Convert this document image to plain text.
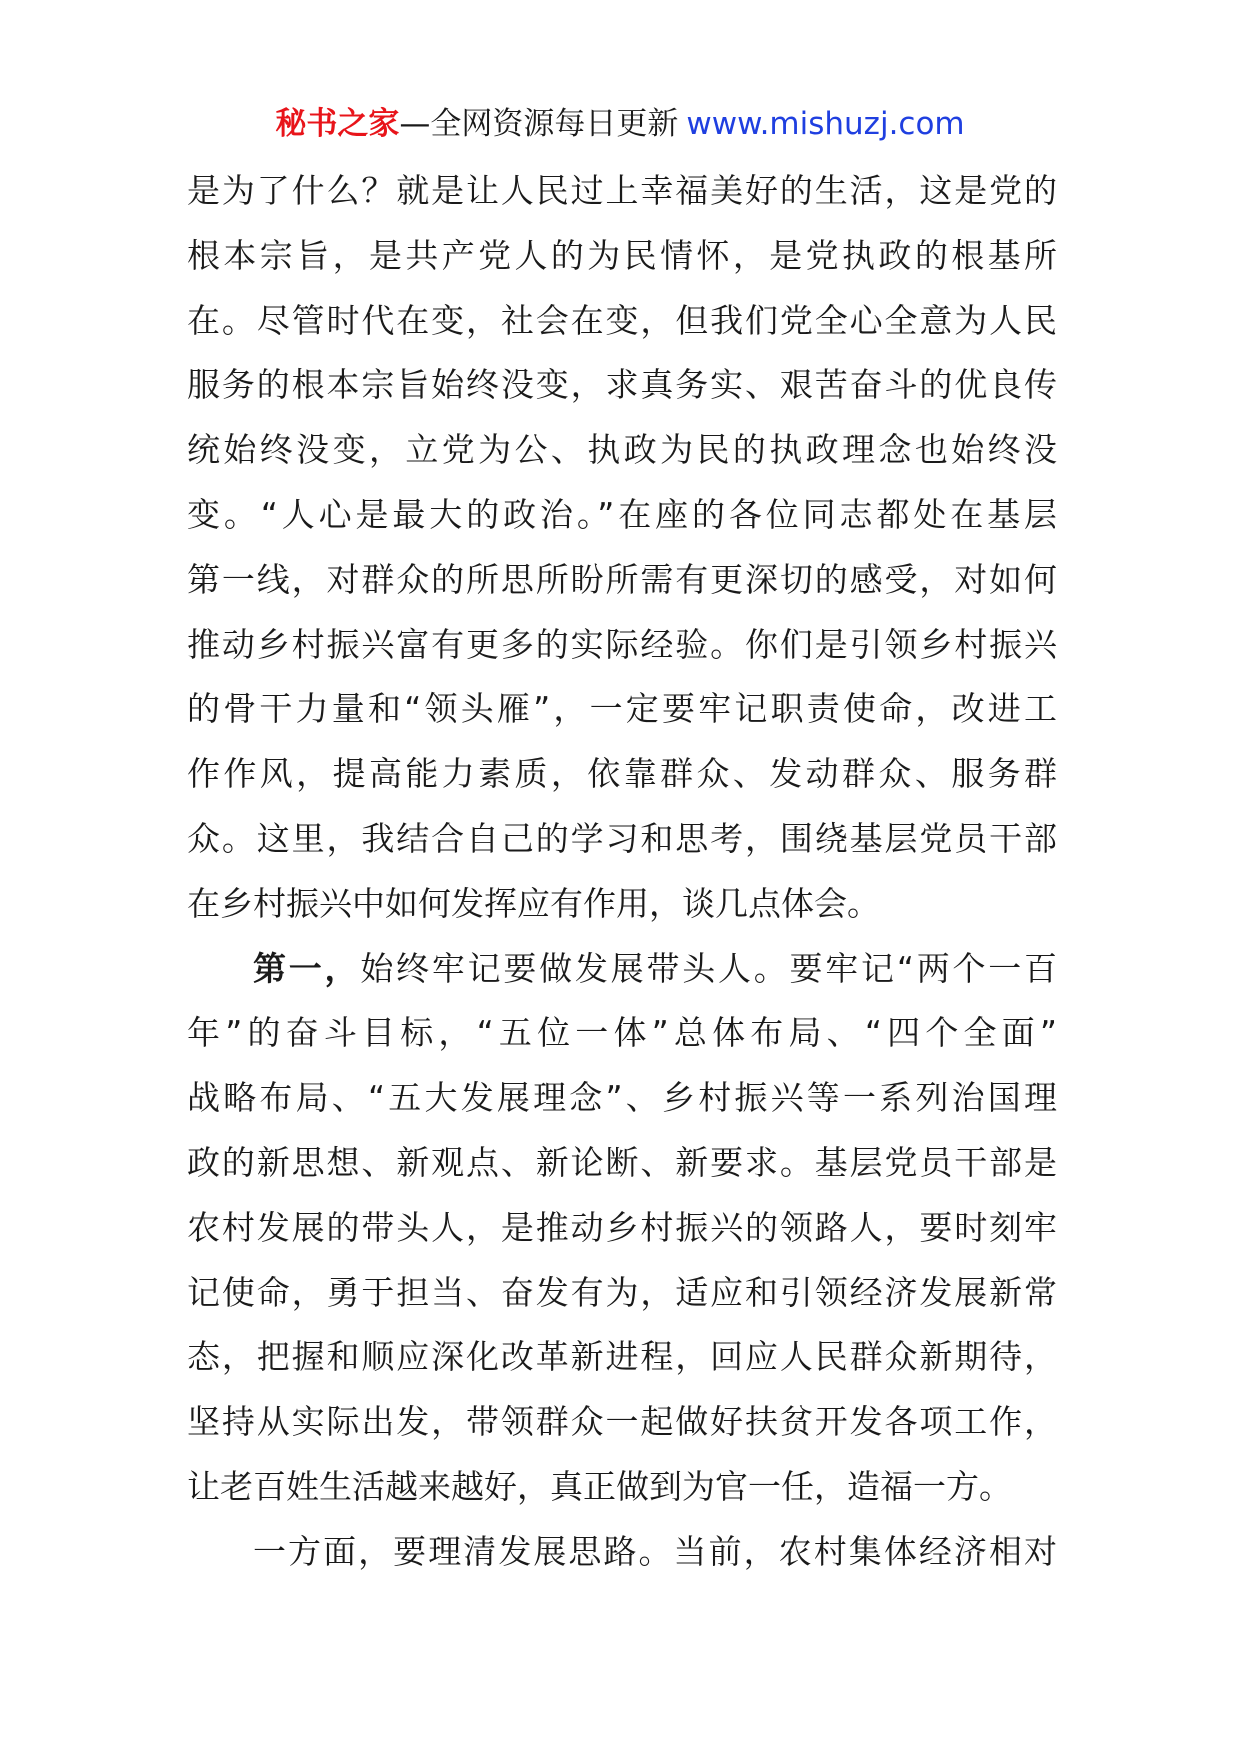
秘书之家—全网资源每日更新 www.mishuzj.com
是为了什么？就是让人民过上幸福美好的生活，这是党的
根本宗旨，是共产党人的为民情怀，是党执政的根基所
在。尽管时代在变，社会在变，但我们党全心全意为人民
服务的根本宗旨始终没变，求真务实、艰苦奋斗的优良传
统始终没变，立党为公、执政为民的执政理念也始终没
变。“人心是最大的政治。”在座的各位同志都处在基层
第一线，对群众的所思所盼所需有更深切的感受，对如何
推动乡村振兴富有更多的实际经验。你们是引领乡村振兴
的骨干力量和“领头雁”，一定要牢记职责使命，改进工
作作风，提高能力素质，依靠群众、发动群众、服务群
众。这里，我结合自己的学习和思考，围绕基层党员干部
在乡村振兴中如何发挥应有作用，谈几点体会。
第一，始终牢记要做发展带头人。要牢记“两个一百
年”的奋斗目标，“五位一体”总体布局、“四个全面”
战略布局、“五大发展理念”、乡村振兴等一系列治国理
政的新思想、新观点、新论断、新要求。基层党员干部是
农村发展的带头人，是推动乡村振兴的领路人，要时刻牢
记使命，勇于担当、奋发有为，适应和引领经济发展新常
态，把握和顺应深化改革新进程，回应人民群众新期待，
坚持从实际出发，带领群众一起做好扶贫开发各项工作，
让老百姓生活越来越好，真正做到为官一任，造福一方。
一方面，要理清发展思路。当前，农村集体经济相对
